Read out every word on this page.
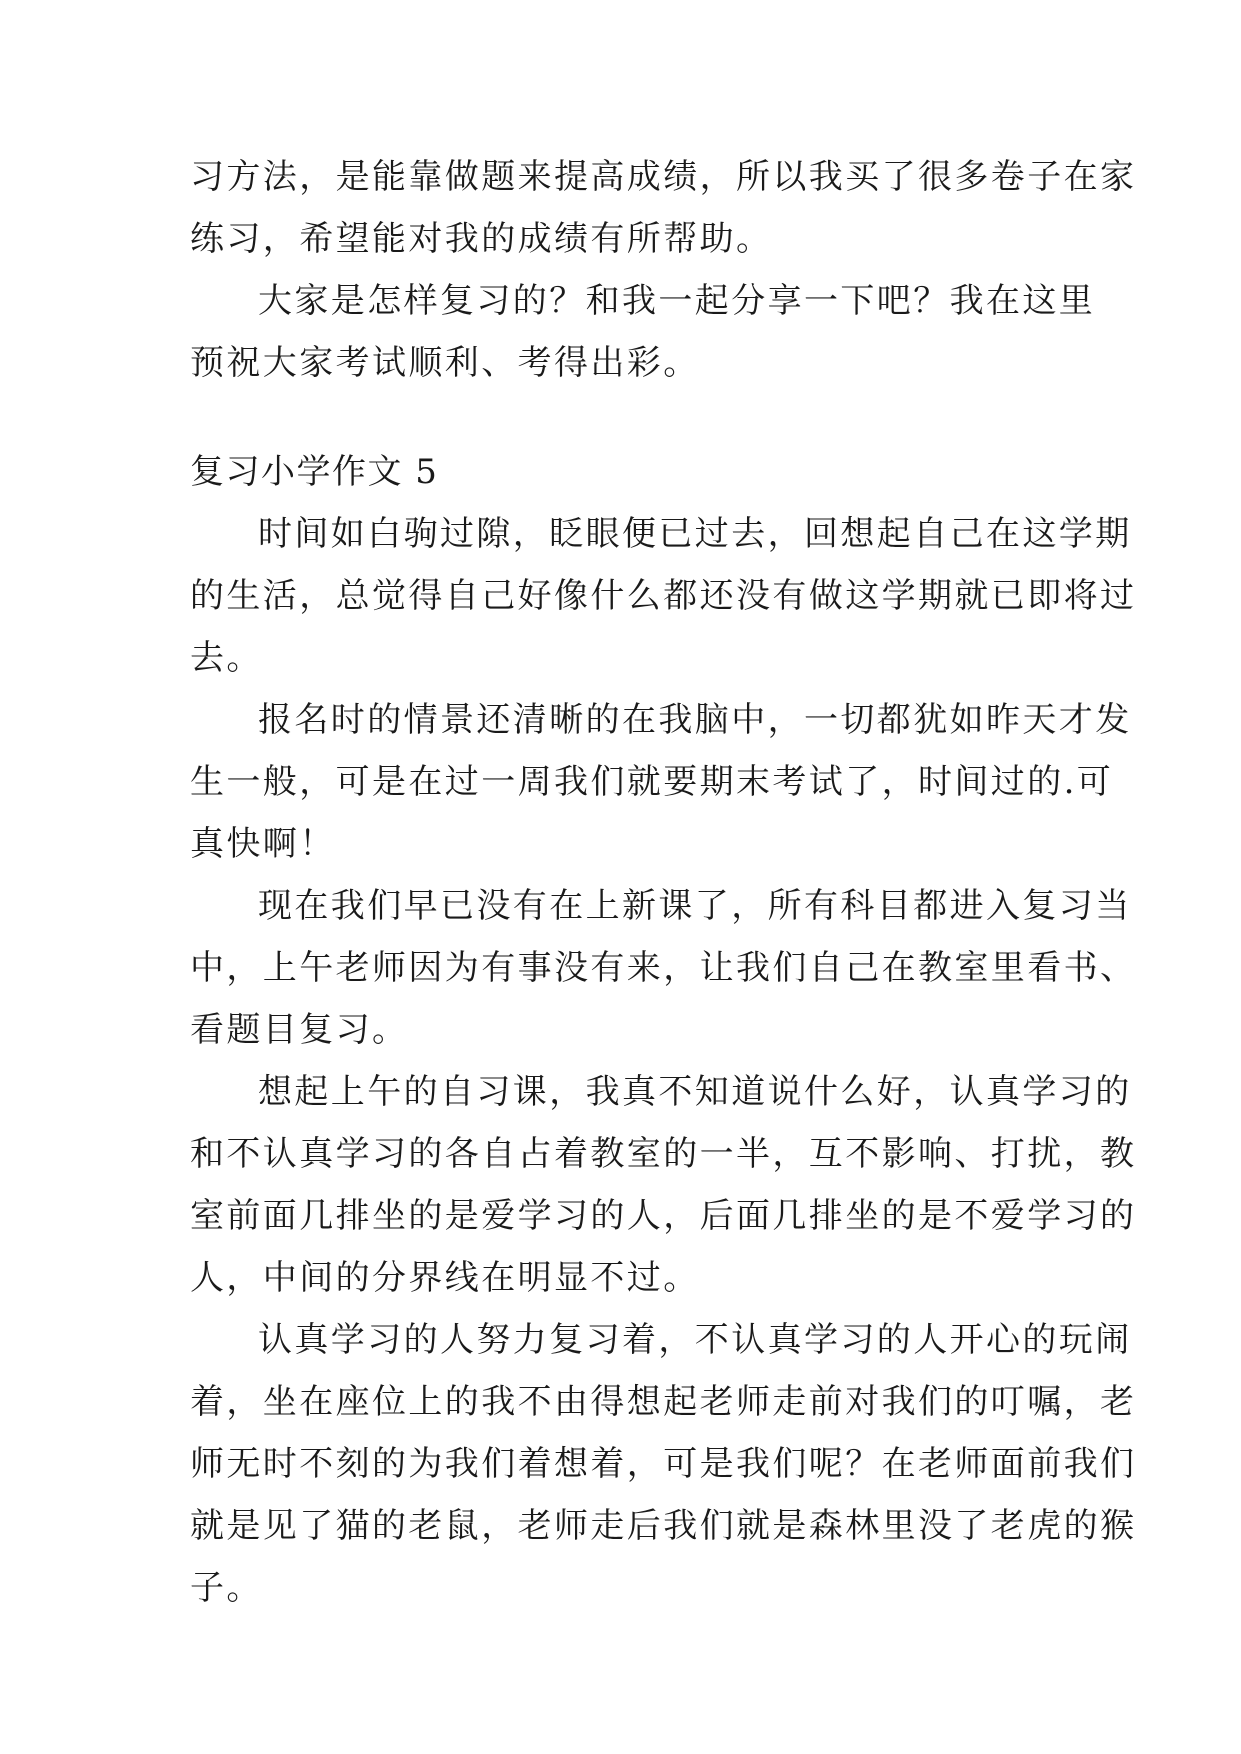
习方法，是能靠做题来提高成绩，所以我买了很多卷子在家
练习，希望能对我的成绩有所帮助。
大家是怎样复习的？和我一起分享一下吧？我在这里
预祝大家考试顺利、考得出彩。
复习小学作文 5
时间如白驹过隙，眨眼便已过去，回想起自己在这学期
的生活，总觉得自己好像什么都还没有做这学期就已即将过
去。
报名时的情景还清晰的在我脑中，一切都犹如昨天才发
生一般，可是在过一周我们就要期末考试了，时间过的.可
真快啊！
现在我们早已没有在上新课了，所有科目都进入复习当
中，上午老师因为有事没有来，让我们自己在教室里看书、
看题目复习。
想起上午的自习课，我真不知道说什么好，认真学习的
和不认真学习的各自占着教室的一半，互不影响、打扰，教
室前面几排坐的是爱学习的人，后面几排坐的是不爱学习的
人，中间的分界线在明显不过。
认真学习的人努力复习着，不认真学习的人开心的玩闹
着，坐在座位上的我不由得想起老师走前对我们的叮嘱，老
师无时不刻的为我们着想着，可是我们呢？在老师面前我们
就是见了猫的老鼠，老师走后我们就是森林里没了老虎的猴
子。
